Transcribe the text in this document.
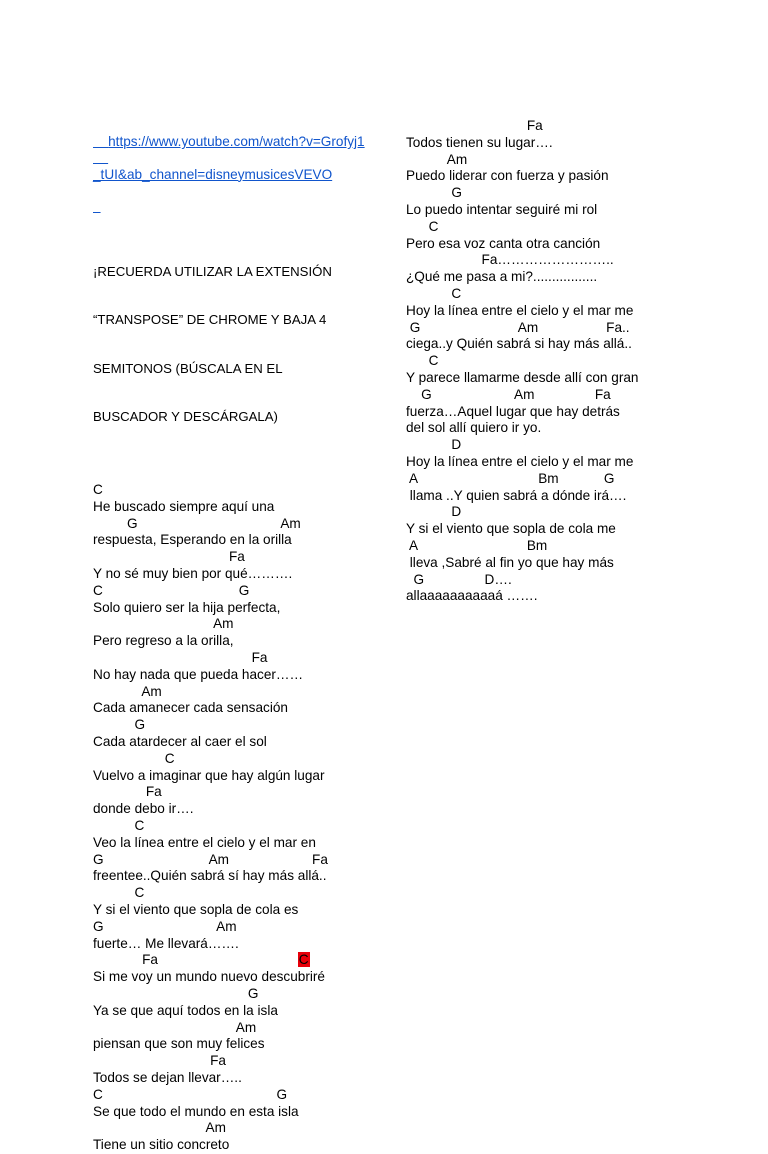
https://www.youtube.com/watch?v=Grofyj1

_tUI&ab_channel=disneymusicesVEVO

¡RECUERDA UTILIZAR LA EXTENSIÓN

“TRANSPOSE” DE CHROME Y BAJA 4

SEMITONOS (BÚSCALA EN EL

BUSCADOR Y DESCÁRGALA)

C
He buscado siempre aquí una
G                                      Am
respuesta, Esperando en la orilla
Fa
Y no sé muy bien por qué……….
C                                    G
Solo quiero ser la hija perfecta,
Am
Pero regreso a la orilla,
Fa
No hay nada que pueda hacer……
Am
Cada amanecer cada sensación
G
Cada atardecer al caer el sol
C
Vuelvo a imaginar que hay algún lugar
Fa
donde debo ir….
C
Veo la línea entre el cielo y el mar en
G                            Am                      Fa
freentee..Quién sabrá sí hay más allá..
C
Y si el viento que sopla de cola es
G                              Am
fuerte… Me llevará…….
Fa                                     C
Si me voy un mundo nuevo descubriré
G
Ya se que aquí todos en la isla
Am
piensan que son muy felices
Fa
Todos se dejan llevar…..
C                                              G
Se que todo el mundo en esta isla
Am
Tiene un sitio concreto
Fa
Todos tienen su lugar….
Am
Puedo liderar con fuerza y pasión
G
Lo puedo intentar seguiré mi rol
C
Pero esa voz canta otra canción
Fa……………………..
¿Qué me pasa a mi?.................
C
Hoy la línea entre el cielo y el mar me
G                          Am                  Fa..
ciega..y Quién sabrá si hay más allá..
C
Y parece llamarme desde allí con gran
G                      Am                Fa
fuerza…Aquel lugar que hay detrás
del sol allí quiero ir yo.
D
Hoy la línea entre el cielo y el mar me
A                                Bm            G
llama ..Y quien sabrá a dónde irá….
D
Y si el viento que sopla de cola me
A                             Bm
lleva ,Sabré al fin yo que hay más
G                D….
allaaaaaaaaaaá …….
